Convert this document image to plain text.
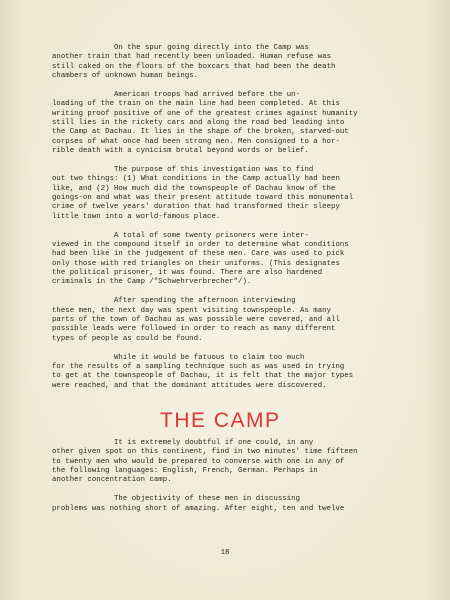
On the spur going directly into the Camp was
another train that had recently been unloaded. Human refuse was
still caked on the floors of the boxcars that had been the death
chambers of unknown human beings.

American troops had arrived before the un-
loading of the train on the main line had been completed. At this
writing proof positive of one of the greatest crimes against humanity
still lies in the rickety cars and along the road bed leading into
the Camp at Dachau. It lies in the shape of the broken, starved-out
corpses of what once had been strong men. Men consigned to a hor-
rible death with a cynicism brutal beyond words or belief.

The purpose of this investigation was to find
out two things: (1) What conditions in the Camp actually had been
like, and (2) How much did the townspeople of Dachau know of the
goings-on and what was their present attitude toward this monumental
crime of twelve years' duration that had transformed their sleepy
little town into a world-famous place.

A total of some twenty prisoners were inter-
viewed in the compound itself in order to determine what conditions
had been like in the judgement of these men. Care was used to pick
only those with red triangles on their uniforms. (This designates
the political prisoner, it was found. There are also hardened
criminals in the Camp /"Schwehrverbrecher"/).

After spending the afternoon interviewing
these men, the next day was spent visiting townspeople. As many
parts of the town of Dachau as was possible were covered, and all
possible leads were followed in order to reach as many different
types of people as could be found.

While it would be fatuous to claim too much
for the results of a sampling technique such as was used in trying
to get at the townspeople of Dachau, it is felt that the major types
were reached, and that the dominant attitudes were discovered.

THE CAMP

It is extremely doubtful if one could, in any
other given spot on this continent, find in two minutes' time fifteen
to twenty men who would be prepared to converse with one in any of
the following languages: English, French, German. Perhaps in
another concentration camp.

The objectivity of these men in discussing
problems was nothing short of amazing. After eight, ten and twelve

18
